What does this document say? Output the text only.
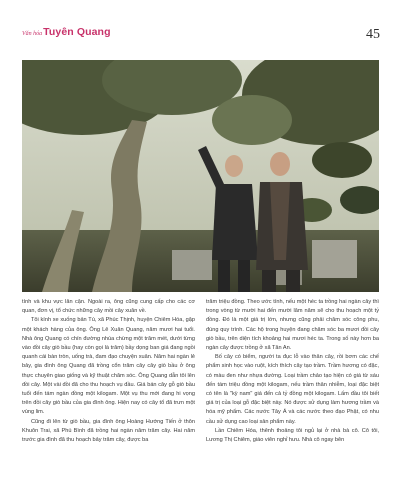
Văn hóa Tuyên Quang	45

tính và khu vực lân cận. Ngoài ra, ông cũng cung cấp cho các cơ quan, đơn vị, tổ chức những cây mồi cây xuân về.

Tôi kính xe xuống bản Tú, xã Phúc Thịnh, huyện Chiêm Hóa, gặp một khách hàng của ông. Ông Lê Xuân Quang, năm mươi hai tuổi. Nhà ông Quang có chín đường nhúa chừng một trăm mét, dưới từng vào đồi cây giò bầu (hay còn gọi là trâm) bầy dọng ban giá đang ngồi quanh cái bàn tròn, uống trà, đam đạo chuyện xuân. Năm hai ngàn lẻ bảy, gia đình ông Quang đã trồng cổn trăm cây cây giò bầu ở ông thực chuyên giao giống và kỹ thuật chăm sóc. Ông Quang dẫn tôi lên đồi cây. Một vài đồi đã cho thu hoạch vụ đầu. Giá bán cây gỗ giò bầu tuổi đến tám ngàn đồng một kilogam. Một vụ thu mới đang hi vọng trên đồi cây giò bầu của gia đình ông. Hiện nay có cây tổ đã trưn một vùng lim.

Cũng đi lên từ giò bầu, gia đình ông Hoàng Hướng Tiến ở thôn Khuôn Trai, xã Phú Bình đã trồng hai ngàn năm trăm cây. Hai năm trước gia đình đã thu hoạch bảy trăm cây, được ba

trăm triệu đồng. Theo ước tính, nếu một héc ta trồng hai ngàn cây thì trong vòng từ mười hai đến mười lăm năm sẽ cho thu hoạch một tỷ đồng. Đó là một giá trị lớn, nhưng cũng phải chăm sóc công phu, đúng quy trình. Các hộ trong huyện đang chăm sóc ba mươi đồi cây giò bầu, trên diện tích khoảng hai mươi héc ta. Trong số này hơn ba ngàn cây được trồng ở xã Tân An.

Bố cây có biểm, người ta đục lỗ vào thân cây, rồi bơm các chế phẩm sinh học vào ruột, kích thích cây tạo trầm. Trầm hương có đặc, có màu đen như nhựa đường. Loại trầm chảo tạo hiện có giá từ sáu đến tám triệu đồng một kilogam, nếu trầm thân nhiễm, loại đặc biệt có tên là "kỳ nam" giá đến cả tỷ đồng một kilogam. Lấm đầu tôi biết giá trị của loại gỗ đặc biệt này. Nó được sử dụng làm hương trầm và hóa mỹ phẩm. Các nước Tây Á và các nước theo đạo Phật, có nhu cầu sử dụng cao loại sản phẩm này.

Lần Chiêm Hóa, thênh thoảng tôi ngủ lại ở nhà bà cô. Cô tôi, Lương Thị Chiêm, giáo viên nghỉ hưu. Nhà cô ngay bên
